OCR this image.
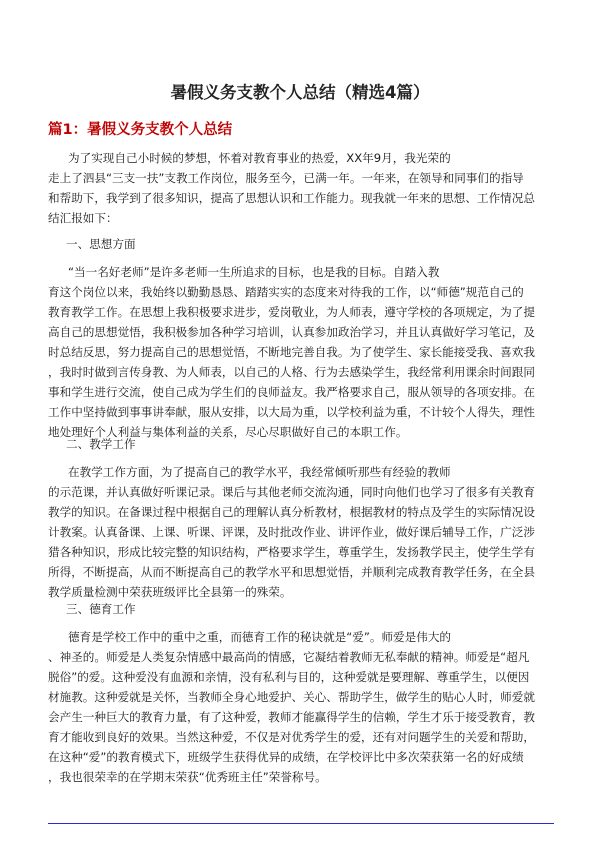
暑假义务支教个人总结（精选4篇）
篇1：暑假义务支教个人总结
为了实现自己小时候的梦想，怀着对教育事业的热爱，XX年9月，我光荣的
走上了泗县“三支一扶”支教工作岗位，服务至今，已满一年。一年来，在领导和同事们的指导
和帮助下，我学到了很多知识，提高了思想认识和工作能力。现我就一年来的思想、工作情况总
结汇报如下：
一、思想方面
“当一名好老师”是许多老师一生所追求的目标，也是我的目标。自踏入教
育这个岗位以来，我始终以勤勤恳恳、踏踏实实的态度来对待我的工作，以“师德”规范自己的
教育教学工作。在思想上我积极要求进步，爱岗敬业，为人师表，遵守学校的各项规定，为了提
高自己的思想觉悟，我积极参加各种学习培训，认真参加政治学习，并且认真做好学习笔记，及
时总结反思，努力提高自己的思想觉悟，不断地完善自我。为了使学生、家长能接受我、喜欢我
，我时时做到言传身教、为人师表，以自己的人格、行为去感染学生，我经常利用课余时间跟同
事和学生进行交流，使自己成为学生们的良师益友。我严格要求自己，服从领导的各项安排。在
工作中坚持做到事事讲奉献，服从安排，以大局为重，以学校利益为重，不计较个人得失，理性
地处理好个人利益与集体利益的关系，尽心尽职做好自己的本职工作。
二、教学工作
在教学工作方面，为了提高自己的教学水平，我经常倾听那些有经验的教师
的示范课，并认真做好听课记录。课后与其他老师交流沟通，同时向他们也学习了很多有关教育
教学的知识。在备课过程中根据自己的理解认真分析教材，根据教材的特点及学生的实际情况设
计教案。认真备课、上课、听课、评课，及时批改作业、讲评作业，做好课后辅导工作，广泛涉
猎各种知识，形成比较完整的知识结构，严格要求学生，尊重学生，发扬教学民主，使学生学有
所得，不断提高，从而不断提高自己的教学水平和思想觉悟，并顺利完成教育教学任务，在全县
教学质量检测中荣获班级评比全县第一的殊荣。
三、德育工作
德育是学校工作中的重中之重，而德育工作的秘诀就是“爱”。师爱是伟大的
、神圣的。师爱是人类复杂情感中最高尚的情感，它凝结着教师无私奉献的精神。师爱是“超凡
脱俗”的爱。这种爱没有血源和亲情，没有私利与目的，这种爱就是要理解、尊重学生，以便因
材施教。这种爱就是关怀，当教师全身心地爱护、关心、帮助学生，做学生的贴心人时，师爱就
会产生一种巨大的教育力量，有了这种爱，教师才能赢得学生的信赖，学生才乐于接受教育，教
育才能收到良好的效果。当然这种爱，不仅是对优秀学生的爱，还有对问题学生的关爱和帮助，
在这种“爱”的教育模式下，班级学生获得优异的成绩，在学校评比中多次荣获第一名的好成绩
，我也很荣幸的在学期末荣获“优秀班主任”荣誉称号。
